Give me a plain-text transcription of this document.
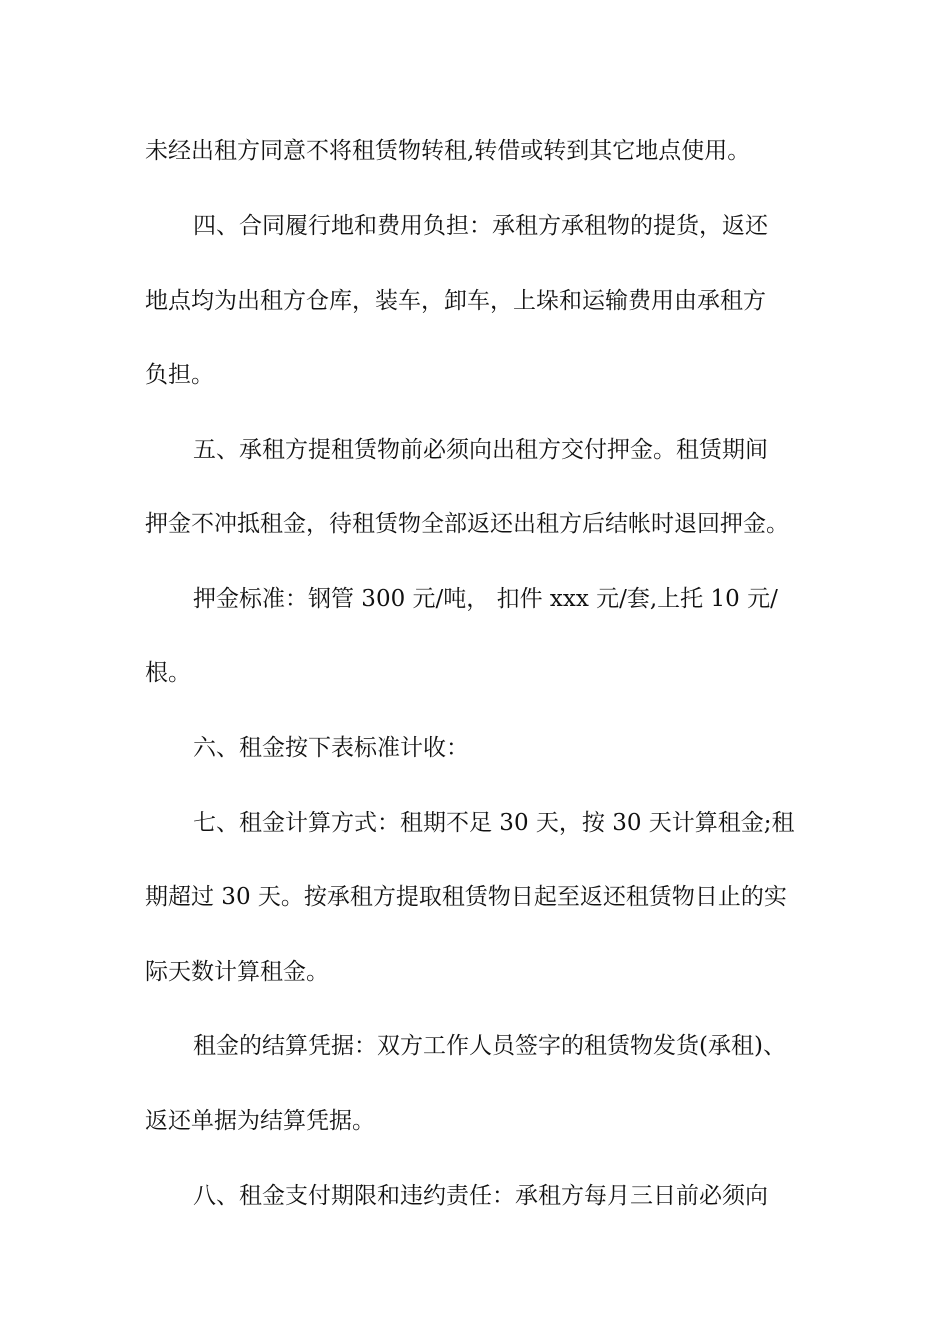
未经出租方同意不将租赁物转租,转借或转到其它地点使用。
四、合同履行地和费用负担：承租方承租物的提货，返还
地点均为出租方仓库，装车，卸车，上垛和运输费用由承租方
负担。
五、承租方提租赁物前必须向出租方交付押金。租赁期间
押金不冲抵租金，待租赁物全部返还出租方后结帐时退回押金。
押金标准：钢管 300 元/吨， 扣件 xxx 元/套,上托 10 元/
根。
六、租金按下表标准计收：
七、租金计算方式：租期不足 30 天，按 30 天计算租金;租
期超过 30 天。按承租方提取租赁物日起至返还租赁物日止的实
际天数计算租金。
租金的结算凭据：双方工作人员签字的租赁物发货(承租)、
返还单据为结算凭据。
八、租金支付期限和违约责任：承租方每月三日前必须向
